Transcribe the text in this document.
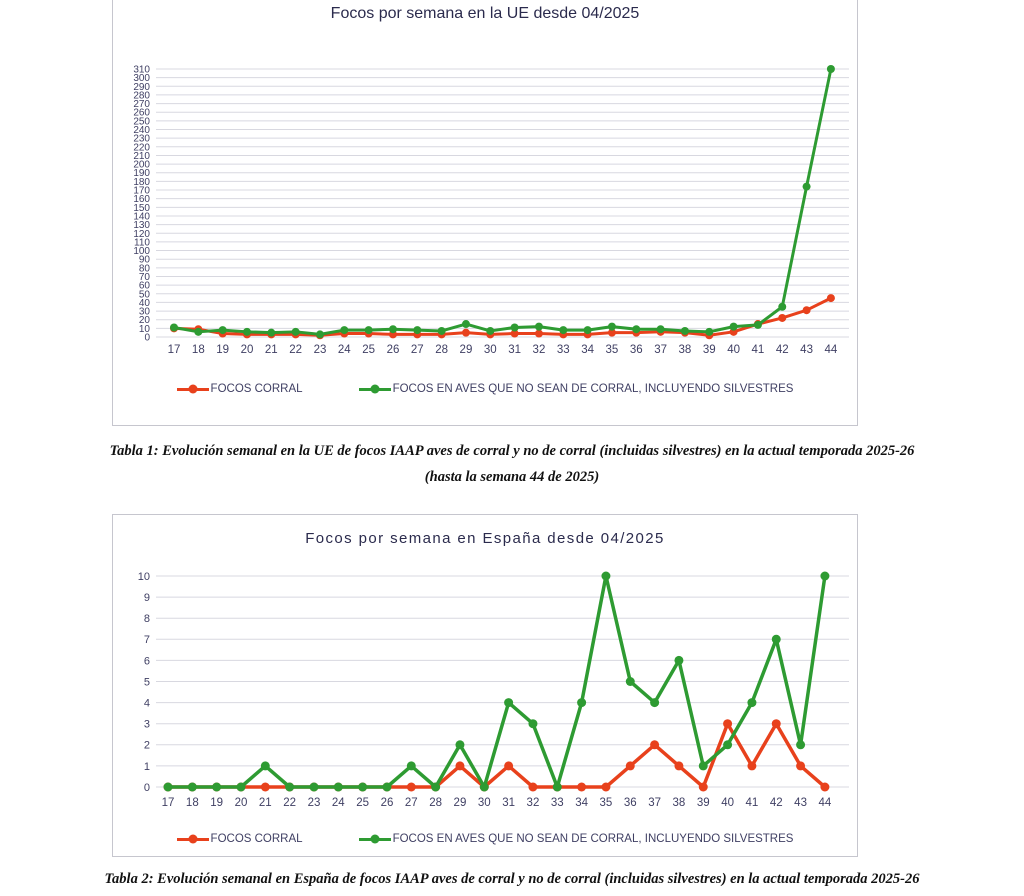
0
10
20
30
40
50
60
70
80
90
100
110
120
130
140
150
160
170
180
190
200
210
220
230
240
250
260
270
280
290
300
310
17 18 19 20 21 22 23 24 25 26 27 28 29 30 31 32 33 34 35 36 37 38 39 40 41 42 43 44
Focos por semana en la UE desde 04/2025
FOCOS CORRAL	FOCOS EN AVES QUE NO SEAN DE CORRAL, INCLUYENDO SILVESTRES
Tabla 1: Evolución semanal en la UE de focos IAAP aves de corral y no de corral (incluidas silvestres) en la actual temporada 2025-26
(hasta la semana 44 de 2025)
0
1
2
3
4
5
6
7
8
9
10
17 18 19 20 21 22 23 24 25 26 27 28 29 30 31 32 33 34 35 36 37 38 39 40 41 42 43 44
Focos por semana en España desde 04/2025
FOCOS CORRAL	FOCOS EN AVES QUE NO SEAN DE CORRAL, INCLUYENDO SILVESTRES
Tabla 2: Evolución semanal en España de focos IAAP aves de corral y no de corral (incluidas silvestres) en la actual temporada 2025-26
